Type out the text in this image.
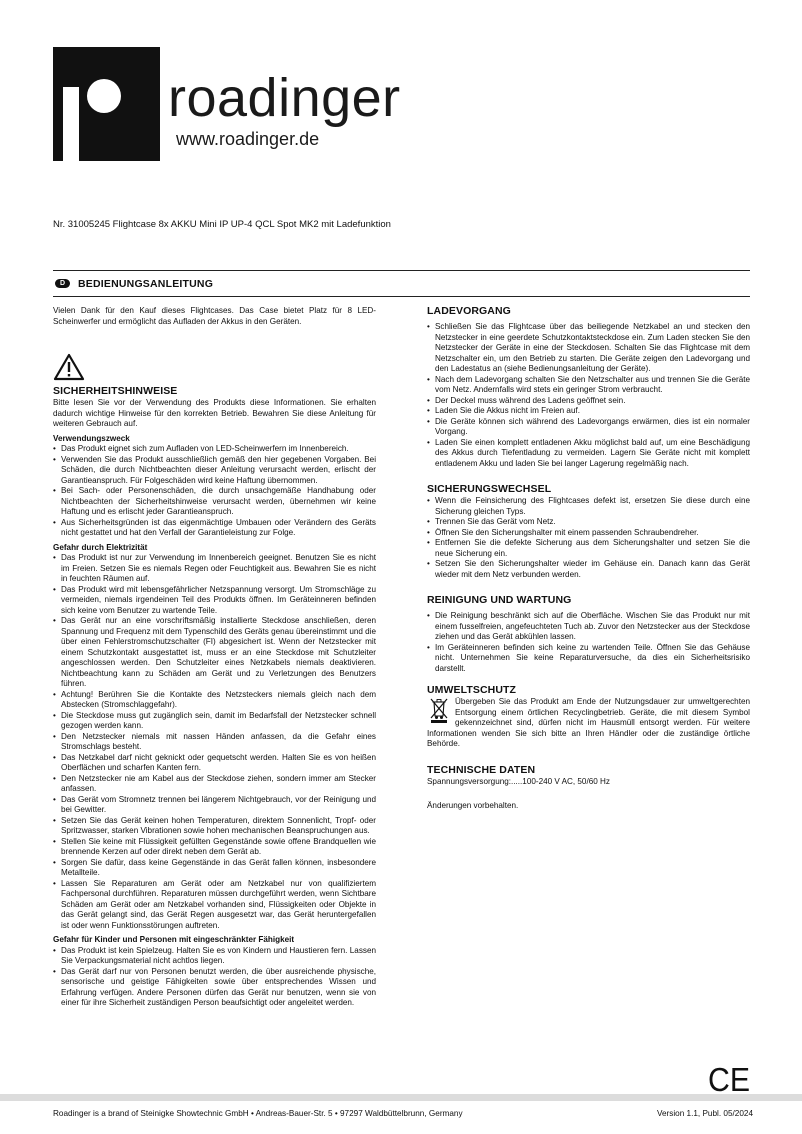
roadinger
www.roadinger.de
Nr. 31005245 Flightcase 8x AKKU Mini IP UP-4 QCL Spot MK2 mit Ladefunktion
D	BEDIENUNGSANLEITUNG

Vielen Dank für den Kauf dieses Flightcases. Das Case bietet Platz für 8 LED-Scheinwerfer und ermöglicht das Aufladen der Akkus in den Geräten.

SICHERHEITSHINWEISE

Bitte lesen Sie vor der Verwendung des Produkts diese Informationen. Sie erhalten dadurch wichtige Hinweise für den korrekten Betrieb. Bewahren Sie diese Anleitung für weiteren Gebrauch auf.

Verwendungszweck
• Das Produkt eignet sich zum Aufladen von LED-Scheinwerfern im Innenbereich.
• Verwenden Sie das Produkt ausschließlich gemäß den hier gegebenen Vorgaben. Bei Schäden, die durch Nichtbeachten dieser Anleitung verursacht werden, erlischt der Garantieanspruch. Für Folgeschäden wird keine Haftung übernommen.
• Bei Sach- oder Personenschäden, die durch unsachgemäße Handhabung oder Nichtbeachten der Sicherheitshinweise verursacht werden, übernehmen wir keine Haftung und es erlischt jeder Garantieanspruch.
• Aus Sicherheitsgründen ist das eigenmächtige Umbauen oder Verändern des Geräts nicht gestattet und hat den Verfall der Garantieleistung zur Folge.
Gefahr durch Elektrizität
• Das Produkt ist nur zur Verwendung im Innenbereich geeignet. Benutzen Sie es nicht im Freien. Setzen Sie es niemals Regen oder Feuchtigkeit aus. Bewahren Sie es nicht in feuchten Räumen auf.
• Das Produkt wird mit lebensgefährlicher Netzspannung versorgt. Um Stromschläge zu vermeiden, niemals irgendeinen Teil des Produkts öffnen. Im Geräteinneren befinden sich keine vom Benutzer zu wartende Teile.
• Das Gerät nur an eine vorschriftsmäßig installierte Steckdose anschließen, deren Spannung und Frequenz mit dem Typenschild des Geräts genau übereinstimmt und die über einen Fehlerstromschutzschalter (FI) abgesichert ist. Wenn der Netzstecker mit einem Schutzkontakt ausgestattet ist, muss er an eine Steckdose mit Schutzleiter angeschlossen werden. Den Schutzleiter eines Netzkabels niemals deaktivieren. Nichtbeachtung kann zu Schäden am Gerät und zu Verletzungen des Benutzers führen.
• Achtung! Berühren Sie die Kontakte des Netzsteckers niemals gleich nach dem Abstecken (Stromschlaggefahr).
• Die Steckdose muss gut zugänglich sein, damit im Bedarfsfall der Netzstecker schnell gezogen werden kann.
• Den Netzstecker niemals mit nassen Händen anfassen, da die Gefahr eines Stromschlags besteht.
• Das Netzkabel darf nicht geknickt oder gequetscht werden. Halten Sie es von heißen Oberflächen und scharfen Kanten fern.
• Den Netzstecker nie am Kabel aus der Steckdose ziehen, sondern immer am Stecker anfassen.
• Das Gerät vom Stromnetz trennen bei längerem Nichtgebrauch, vor der Reinigung und bei Gewitter.
• Setzen Sie das Gerät keinen hohen Temperaturen, direktem Sonnenlicht, Tropf- oder Spritzwasser, starken Vibrationen sowie hohen mechanischen Beanspruchungen aus.
• Stellen Sie keine mit Flüssigkeit gefüllten Gegenstände sowie offene Brandquellen wie brennende Kerzen auf oder direkt neben dem Gerät ab.
• Sorgen Sie dafür, dass keine Gegenstände in das Gerät fallen können, insbesondere Metallteile.
• Lassen Sie Reparaturen am Gerät oder am Netzkabel nur von qualifiziertem Fachpersonal durchführen. Reparaturen müssen durchgeführt werden, wenn Sichtbare Schäden am Gerät oder am Netzkabel vorhanden sind, Flüssigkeiten oder Objekte in das Gerät gelangt sind, das Gerät Regen ausgesetzt war, das Gerät heruntergefallen ist oder wenn Funktionsstörungen auftreten.
Gefahr für Kinder und Personen mit eingeschränkter Fähigkeit
• Das Produkt ist kein Spielzeug. Halten Sie es von Kindern und Haustieren fern. Lassen Sie Verpackungsmaterial nicht achtlos liegen.
• Das Gerät darf nur von Personen benutzt werden, die über ausreichende physische, sensorische und geistige Fähigkeiten sowie über entsprechendes Wissen und Erfahrung verfügen. Andere Personen dürfen das Gerät nur benutzen, wenn sie von einer für ihre Sicherheit zuständigen Person beaufsichtigt oder angeleitet werden.
LADEVORGANG
• Schließen Sie das Flightcase über das beiliegende Netzkabel an und stecken den Netzstecker in eine geerdete Schutzkontaktsteckdose ein. Zum Laden stecken Sie den Netzstecker der Geräte in eine der Steckdosen. Schalten Sie das Flightcase mit dem Netzschalter ein, um den Betrieb zu starten. Die Geräte zeigen den Ladevorgang und den Ladestatus an (siehe Bedienungsanleitung der Geräte).
• Nach dem Ladevorgang schalten Sie den Netzschalter aus und trennen Sie die Geräte vom Netz. Andernfalls wird stets ein geringer Strom verbraucht.
• Der Deckel muss während des Ladens geöffnet sein.
• Laden Sie die Akkus nicht im Freien auf.
• Die Geräte können sich während des Ladevorgangs erwärmen, dies ist ein normaler Vorgang.
• Laden Sie einen komplett entladenen Akku möglichst bald auf, um eine Beschädigung des Akkus durch Tiefentladung zu vermeiden. Lagern Sie Geräte nicht mit komplett entladenem Akku und laden Sie bei langer Lagerung regelmäßig nach.
SICHERUNGSWECHSEL
• Wenn die Feinsicherung des Flightcases defekt ist, ersetzen Sie diese durch eine Sicherung gleichen Typs.
• Trennen Sie das Gerät vom Netz.
• Öffnen Sie den Sicherungshalter mit einem passenden Schraubendreher.
• Entfernen Sie die defekte Sicherung aus dem Sicherungshalter und setzen Sie die neue Sicherung ein.
• Setzen Sie den Sicherungshalter wieder im Gehäuse ein. Danach kann das Gerät wieder mit dem Netz verbunden werden.
REINIGUNG UND WARTUNG
• Die Reinigung beschränkt sich auf die Oberfläche. Wischen Sie das Produkt nur mit einem fusselfreien, angefeuchteten Tuch ab. Zuvor den Netzstecker aus der Steckdose ziehen und das Gerät abkühlen lassen.
• Im Geräteinneren befinden sich keine zu wartenden Teile. Öffnen Sie das Gehäuse nicht. Unternehmen Sie keine Reparaturversuche, da dies ein Sicherheitsrisiko darstellt.
UMWELTSCHUTZ

Übergeben Sie das Produkt am Ende der Nutzungsdauer zur umweltgerechten Entsorgung einem örtlichen Recyclingbetrieb. Geräte, die mit diesem Symbol gekennzeichnet sind, dürfen nicht im Hausmüll entsorgt werden. Für weitere Informationen wenden Sie sich bitte an Ihren Händler oder die zuständige örtliche Behörde.

TECHNISCHE DATEN

Spannungsversorgung:.....100-240 V AC, 50/60 Hz

Änderungen vorbehalten.

CE
Roadinger is a brand of Steinigke Showtechnic GmbH • Andreas-Bauer-Str. 5 • 97297 Waldbüttelbrunn, Germany	Version 1.1, Publ. 05/2024
